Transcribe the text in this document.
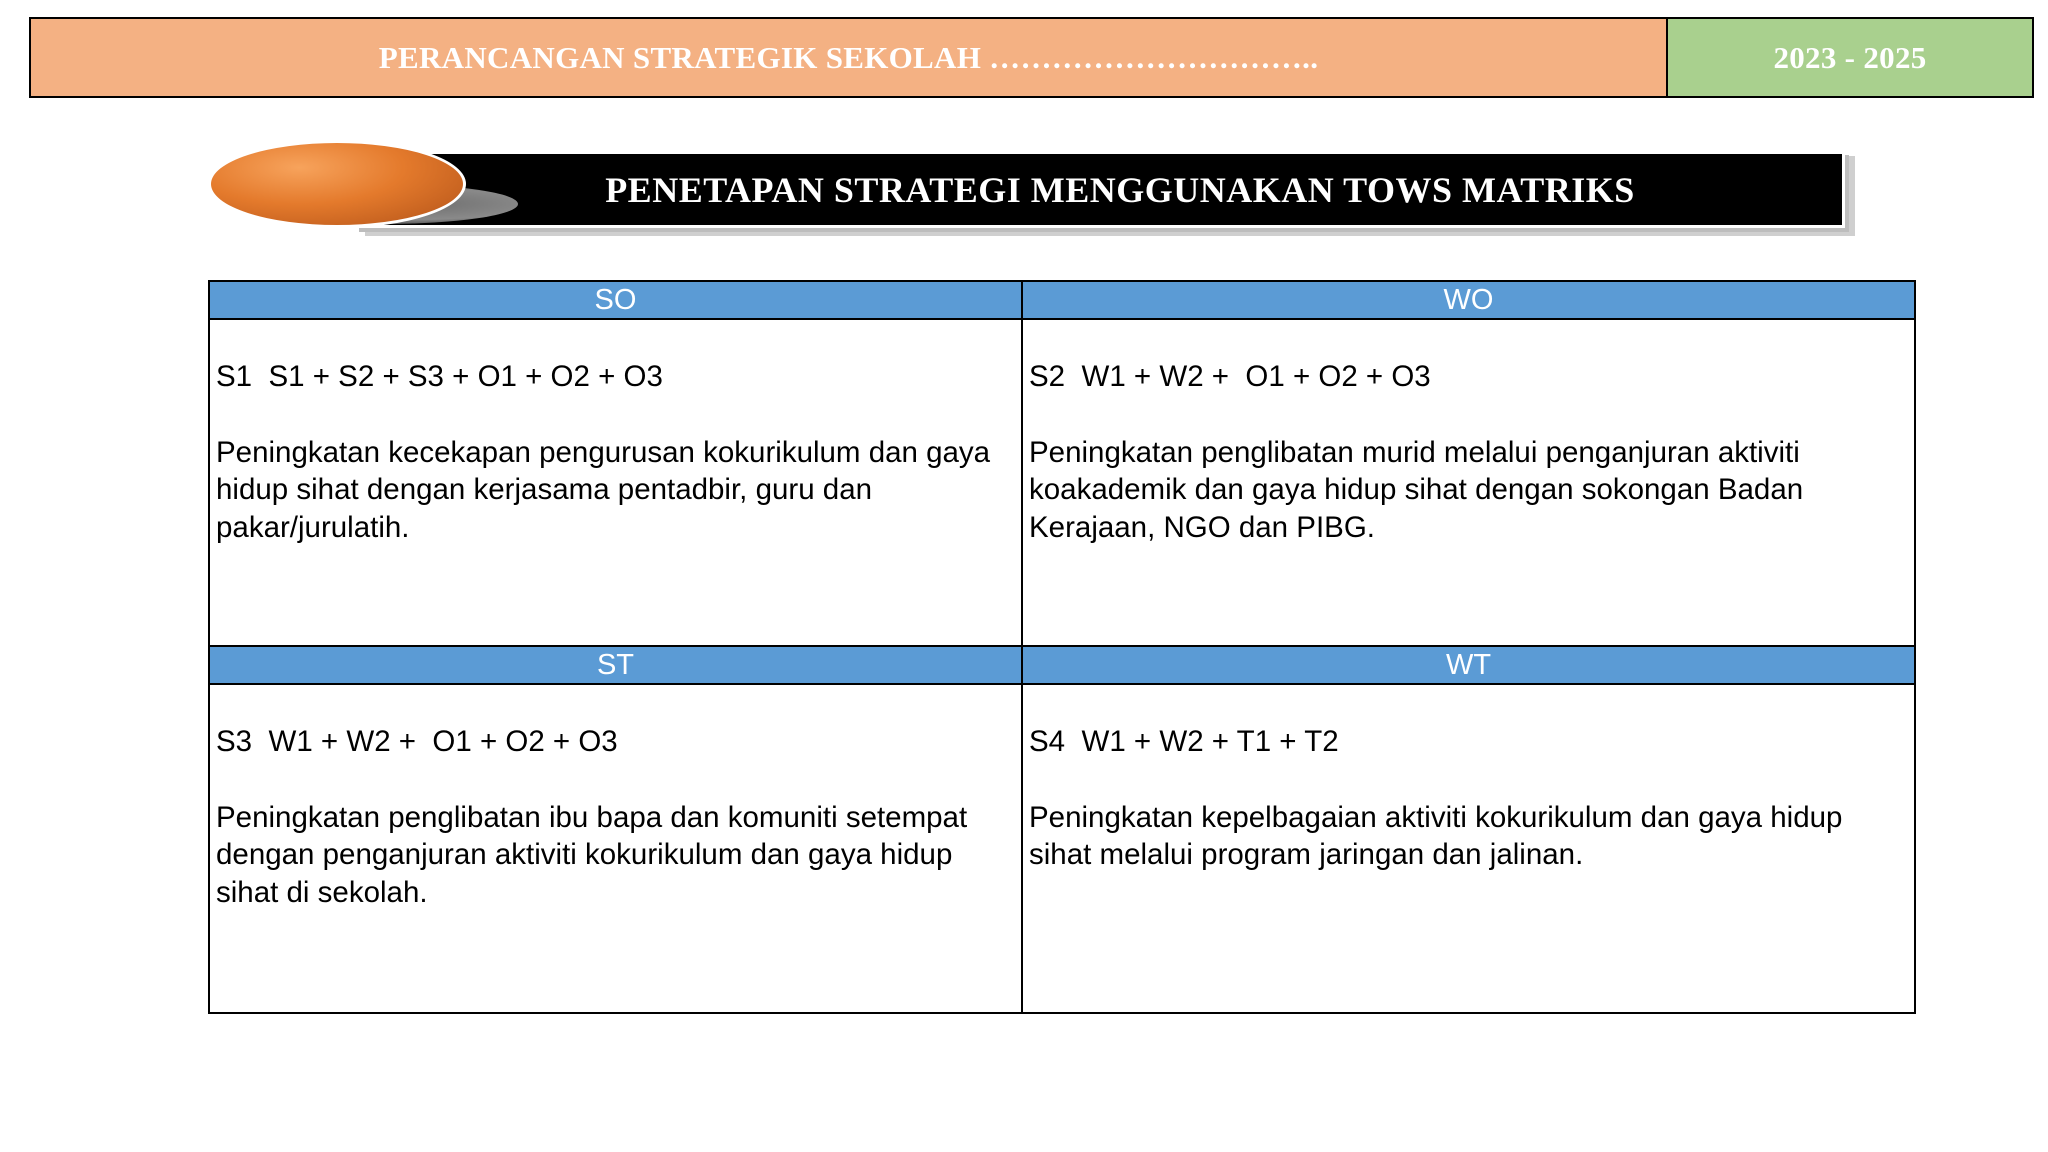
PERANCANGAN STRATEGIK SEKOLAH …………………………..	2023 - 2025
PENETAPAN STRATEGI MENGGUNAKAN TOWS MATRIKS
SO
S1  S1 + S2 + S3 + O1 + O2 + O3
Peningkatan kecekapan pengurusan kokurikulum dan gaya hidup sihat dengan kerjasama pentadbir, guru dan pakar/jurulatih.
WO
S2  W1 + W2 +  O1 + O2 + O3
Peningkatan penglibatan murid melalui penganjuran aktiviti koakademik dan gaya hidup sihat dengan sokongan Badan Kerajaan, NGO dan PIBG.
ST
S3  W1 + W2 +  O1 + O2 + O3
Peningkatan penglibatan ibu bapa dan komuniti setempat dengan penganjuran aktiviti kokurikulum dan gaya hidup sihat di sekolah.
WT
S4  W1 + W2 + T1 + T2
Peningkatan kepelbagaian aktiviti kokurikulum dan gaya hidup sihat melalui program jaringan dan jalinan.
